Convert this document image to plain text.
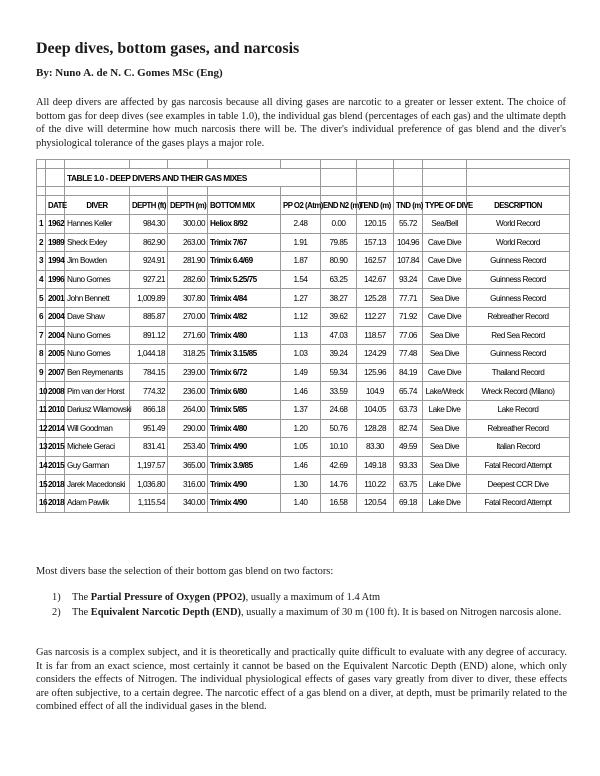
Deep dives, bottom gases, and narcosis
By: Nuno A. de N. C. Gomes MSc (Eng)
All deep divers are affected by gas narcosis because all diving gases are narcotic to a greater or lesser extent. The choice of bottom gas for deep dives (see examples in table 1.0), the individual gas blend (percentages of each gas) and the ultimate depth of the dive will determine how much narcosis there will be. The diver's individual preference of gas blend and the diver's physiological tolerance of the gases plays a major role.

		TABLE 1.0 - DEEP DIVERS AND THEIR GAS MIXES									

	DATE	DIVER	DEPTH (ft)	DEPTH (m)	BOTTOM MIX	PP O2 (Atm)	END N2 (m)	TEND (m)	TND (m)	TYPE OF DIVE	DESCRIPTION
1	1962	Hannes Keller	984.30	300.00	Heliox 8/92	2.48	0.00	120.15	55.72	Sea/Bell	World Record
2	1989	Sheck Exley	862.90	263.00	Trimix 7/67	1.91	79.85	157.13	104.96	Cave Dive	World Record
3	1994	Jim Bowden	924.91	281.90	Trimix 6.4/69	1.87	80.90	162.57	107.84	Cave Dive	Guinness Record
4	1996	Nuno Gomes	927.21	282.60	Trimix 5.25/75	1.54	63.25	142.67	93.24	Cave Dive	Guinness Record
5	2001	John Bennett	1,009.89	307.80	Trimix 4/84	1.27	38.27	125.28	77.71	Sea Dive	Guinness Record
6	2004	Dave Shaw	885.87	270.00	Trimix 4/82	1.12	39.62	112.27	71.92	Cave Dive	Rebreather Record
7	2004	Nuno Gomes	891.12	271.60	Trimix 4/80	1.13	47.03	118.57	77.06	Sea Dive	Red Sea Record
8	2005	Nuno Gomes	1,044.18	318.25	Trimix 3.15/85	1.03	39.24	124.29	77.48	Sea Dive	Guinness Record
9	2007	Ben Reymenants	784.15	239.00	Trimix 6/72	1.49	59.34	125.96	84.19	Cave Dive	Thailand Record
10	2008	Pim van der Horst	774.32	236.00	Trimix 6/80	1.46	33.59	104.9	65.74	Lake/Wreck	Wreck Record (Milano)
11	2010	Dariusz Wilamowski	866.18	264.00	Trimix 5/85	1.37	24.68	104.05	63.73	Lake Dive	Lake Record
12	2014	Will Goodman	951.49	290.00	Trimix 4/80	1.20	50.76	128.28	82.74	Sea Dive	Rebreather Record
13	2015	Michele Geraci	831.41	253.40	Trimix 4/90	1.05	10.10	83.30	49.59	Sea Dive	Italian Record
14	2015	Guy Garman	1,197.57	365.00	Trimix 3.9/85	1.46	42.69	149.18	93.33	Sea Dive	Fatal Record Attempt
15	2018	Jarek Macedonski	1,036.80	316.00	Trimix 4/90	1.30	14.76	110.22	63.75	Lake Dive	Deepest CCR Dive
16	2018	Adam Pawlik	1,115.54	340.00	Trimix 4/90	1.40	16.58	120.54	69.18	Lake Dive	Fatal Record Attempt
Most divers base the selection of their bottom gas blend on two factors:
1) The Partial Pressure of Oxygen (PPO2), usually a maximum of 1.4 Atm
2) The Equivalent Narcotic Depth (END), usually a maximum of 30 m (100 ft). It is based on Nitrogen narcosis alone.
Gas narcosis is a complex subject, and it is theoretically and practically quite difficult to evaluate with any degree of accuracy. It is far from an exact science, most certainly it cannot be based on the Equivalent Narcotic Depth (END) alone, which only considers the effects of Nitrogen. The individual physiological effects of gases vary greatly from diver to diver, these effects are often subjective, to a certain degree. The narcotic effect of a gas blend on a diver, at depth, must be primarily related to the combined effect of all the individual gases in the blend.
